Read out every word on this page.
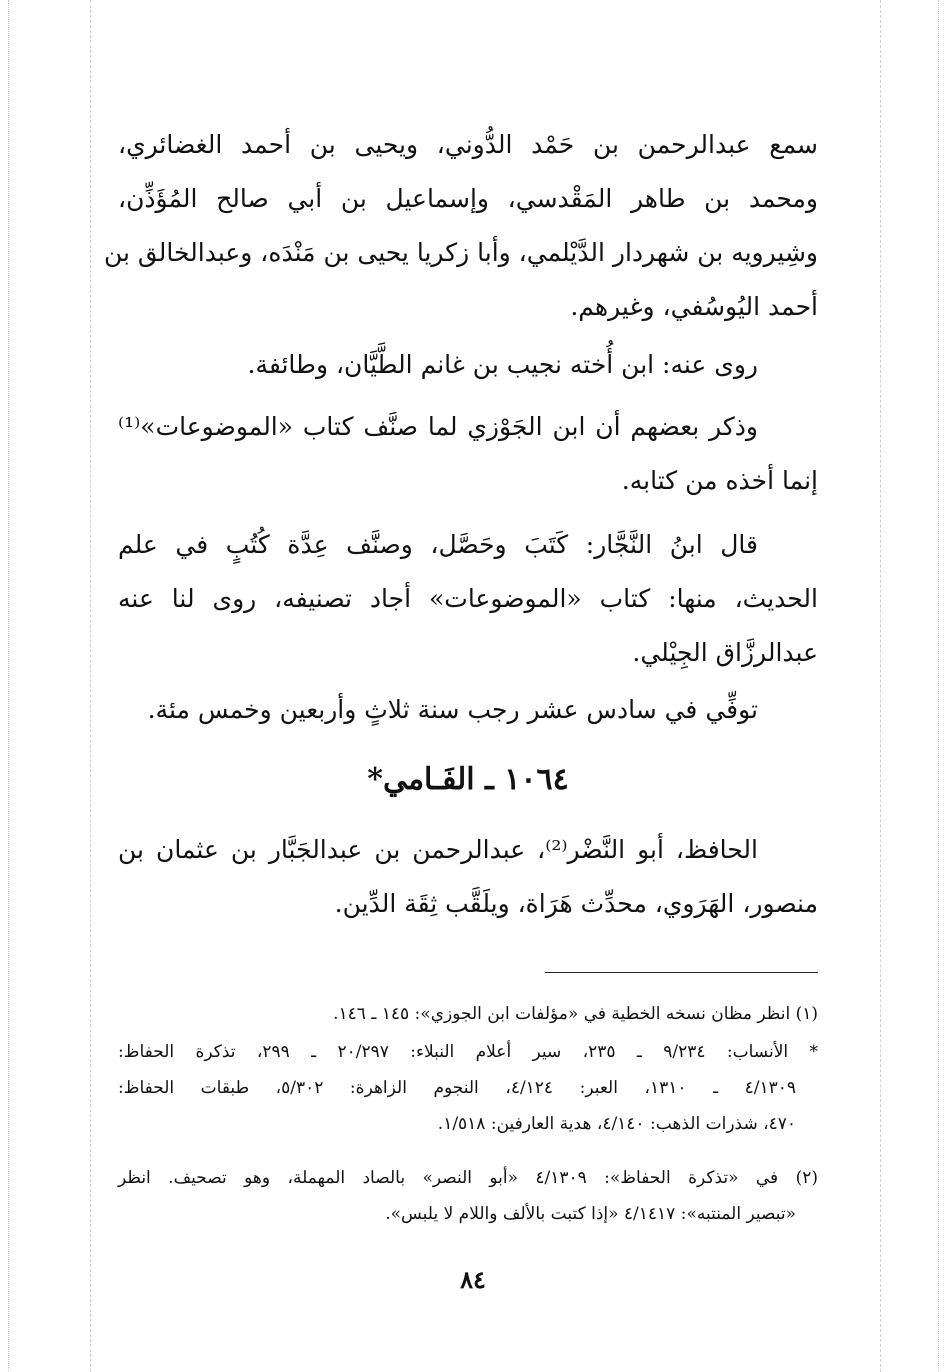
سمع عبدالرحمن بن حَمْد الدُّوني، ويحيى بن أحمد الغضائري،
ومحمد بن طاهر المَقْدسي، وإسماعيل بن أبي صالح المُؤَذِّن،
وشِيرويه بن شهردار الدَّيْلمي، وأبا زكريا يحيى بن مَنْدَه، وعبدالخالق بن
أحمد اليُوسُفي، وغيرهم.
روى عنه: ابن أُخته نجيب بن غانم الطَّيَّان، وطائفة.
وذكر بعضهم أن ابن الجَوْزي لما صنَّف كتاب «الموضوعات»⁽¹⁾
إنما أخذه من كتابه.
قال ابنُ النَّجَّار: كَتَبَ وحَصَّل، وصنَّف عِدَّة كُتُبٍ في علم
الحديث، منها: كتاب «الموضوعات» أجاد تصنيفه، روى لنا عنه
عبدالرزَّاق الجِيْلي.
توفِّي في سادس عشر رجب سنة ثلاثٍ وأربعين وخمس مئة.
١٠٦٤ ـ الفَـامي*
الحافظ، أبو النَّضْر⁽²⁾، عبدالرحمن بن عبدالجَبَّار بن عثمان بن
منصور، الهَرَوي، محدِّث هَرَاة، ويلَقَّب ثِقَة الدِّين.
(١) انظر مظان نسخه الخطية في «مؤلفات ابن الجوزي»: ١٤٥ ـ ١٤٦.
* الأنساب: ٩/٢٣٤ ـ ٢٣٥، سير أعلام النبلاء: ٢٠/٢٩٧ ـ ٢٩٩، تذكرة الحفاظ:
٤/١٣٠٩ ـ ١٣١٠، العبر: ٤/١٢٤، النجوم الزاهرة: ٥/٣٠٢، طبقات الحفاظ:
٤٧٠، شذرات الذهب: ٤/١٤٠، هدية العارفين: ١/٥١٨.
(٢) في «تذكرة الحفاظ»: ٤/١٣٠٩ «أبو النصر» بالصاد المهملة، وهو تصحيف. انظر
«تبصير المنتبه»: ٤/١٤١٧ «إذا كتبت بالألف واللام لا يلبس».
٨٤
